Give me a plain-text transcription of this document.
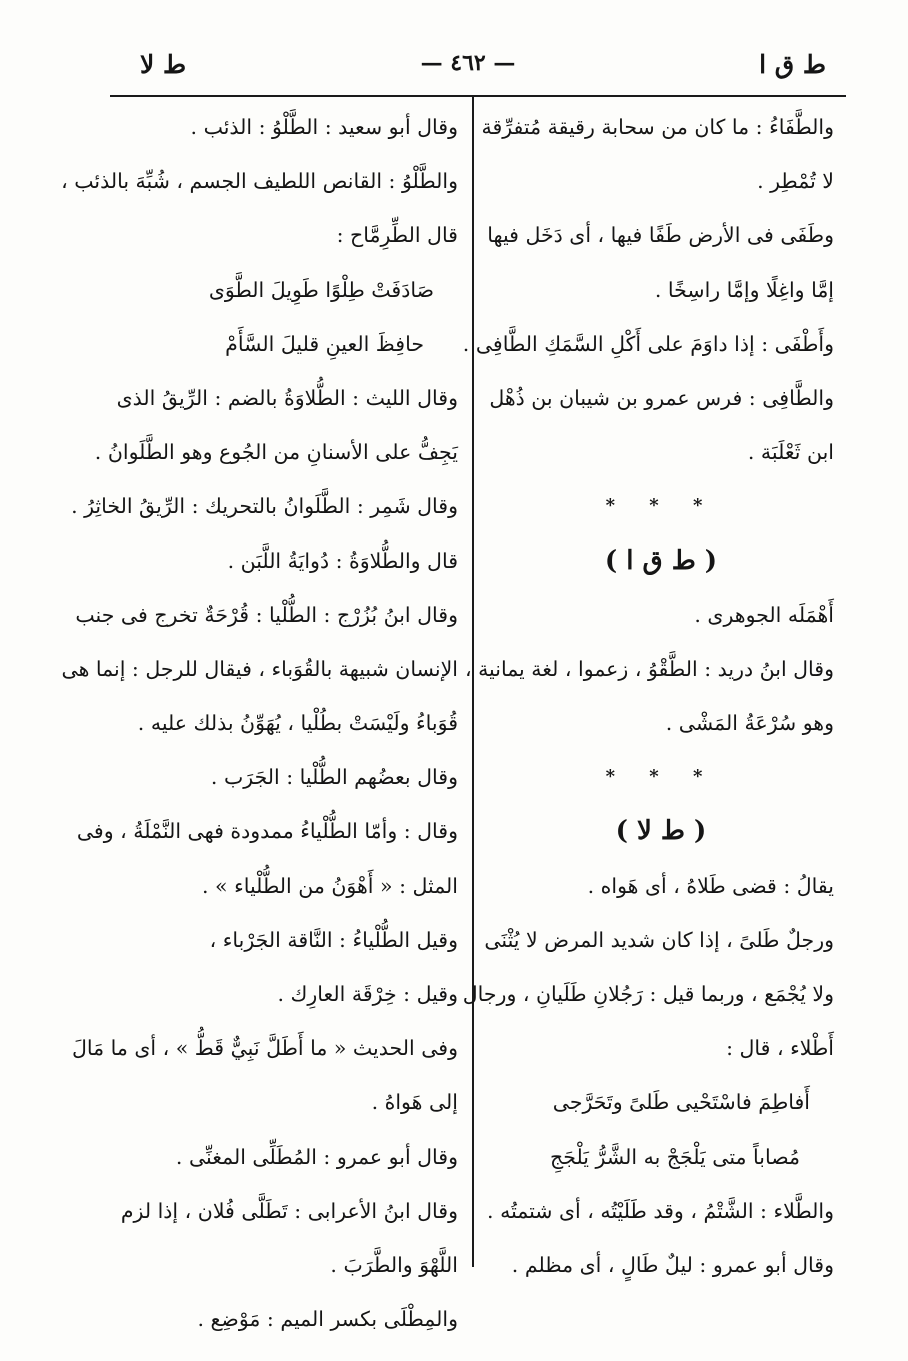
ط ق ا
— ٤٦٢ —
ط لا
والطَّفَاءُ : ما كان من سحابة رقيقة مُتفرِّقة
لا تُمْطِر .
وطَفَى فى الأرض طَفًا فيها ، أى دَخَل فيها
إمَّا واغِلًا وإمَّا راسِخًا .
وأَطْفَى : إذا داوَمَ على أَكْلِ السَّمَكِ الطَّافِى .
والطَّافِى : فرس عمرو بن شيبان بن ذُهْل
ابن ثَعْلَبَة .
* * *
( ط ق ا )
أَهْمَلَه الجوهرى .
وقال ابنُ دريد : الطَّقْوُ ، زعموا ، لغة يمانية ،
وهو سُرْعَةُ المَشْى .
* * *
( ط لا )
يقالُ : قضى طَلاهُ ، أى هَواه .
ورجلٌ طَلىً ، إذا كان شديد المرض لا يُثْنَى
ولا يُجْمَع ، وربما قيل : رَجُلانِ طَلَيانِ ، ورجال
أَطْلاء ، قال :
أَفاطِمَ فاسْتَحْيى طَلىً وتَحَرَّجى
مُصاباً متى يَلْجَجْ به الشَّرُّ يَلْجَجِ
والطَّلاء : الشَّتْمُ ، وقد طَلَيْتُه ، أى شتمتُه .
وقال أبو عمرو : ليلٌ طَالٍ ، أى مظلم .
وقال أبو سعيد : الطَّلْوُ : الذئب .
والطَّلْوُ : القانص اللطيف الجسم ، شُبِّهَ بالذئب ،
قال الطِّرِمَّاح :
صَادَفَتْ طِلْوًا طَوِيلَ الطَّوَى
حافِظَ العينِ قليلَ السَّأَمْ
وقال الليث : الطُّلاوَةُ بالضم : الرِّيقُ الذى
يَجِفُّ على الأسنانِ من الجُوع وهو الطَّلَوانُ .
وقال شَمِر : الطَّلَوانُ بالتحريك : الرِّيقُ الخاثِرُ .
قال والطُّلاوَةُ : دُوايَةُ اللَّبَن .
وقال ابنُ بُزُرْج : الطُّلْيا : قُرْحَةٌ تخرج فى جنب
الإنسان شبيهة بالقُوَباء ، فيقال للرجل : إنما هى
قُوَباءُ ولَيْسَتْ بطُلْيا ، يُهَوِّنُ بذلك عليه .
وقال بعضُهم الطُّلْيا : الجَرَب .
وقال : وأمّا الطُّلْياءُ ممدودة فهى النَّمْلَةُ ، وفى
المثل : « أَهْوَنُ من الطُّلْياء » .
وقيل الطُّلْياءُ : النَّاقة الجَرْباء ،
وقيل : خِرْقَة العارِك .
وفى الحديث « ما أَطَلَّ نَبِيٌّ قَطُّ » ، أى ما مَالَ
إلى هَواهُ .
وقال أبو عمرو : المُطَلِّى المغنِّى .
وقال ابنُ الأعرابى : تَطَلَّى فُلان ، إذا لزم
اللَّهْوَ والطَّرَبَ .
والمِطْلَى بكسر الميم : مَوْضِع .
